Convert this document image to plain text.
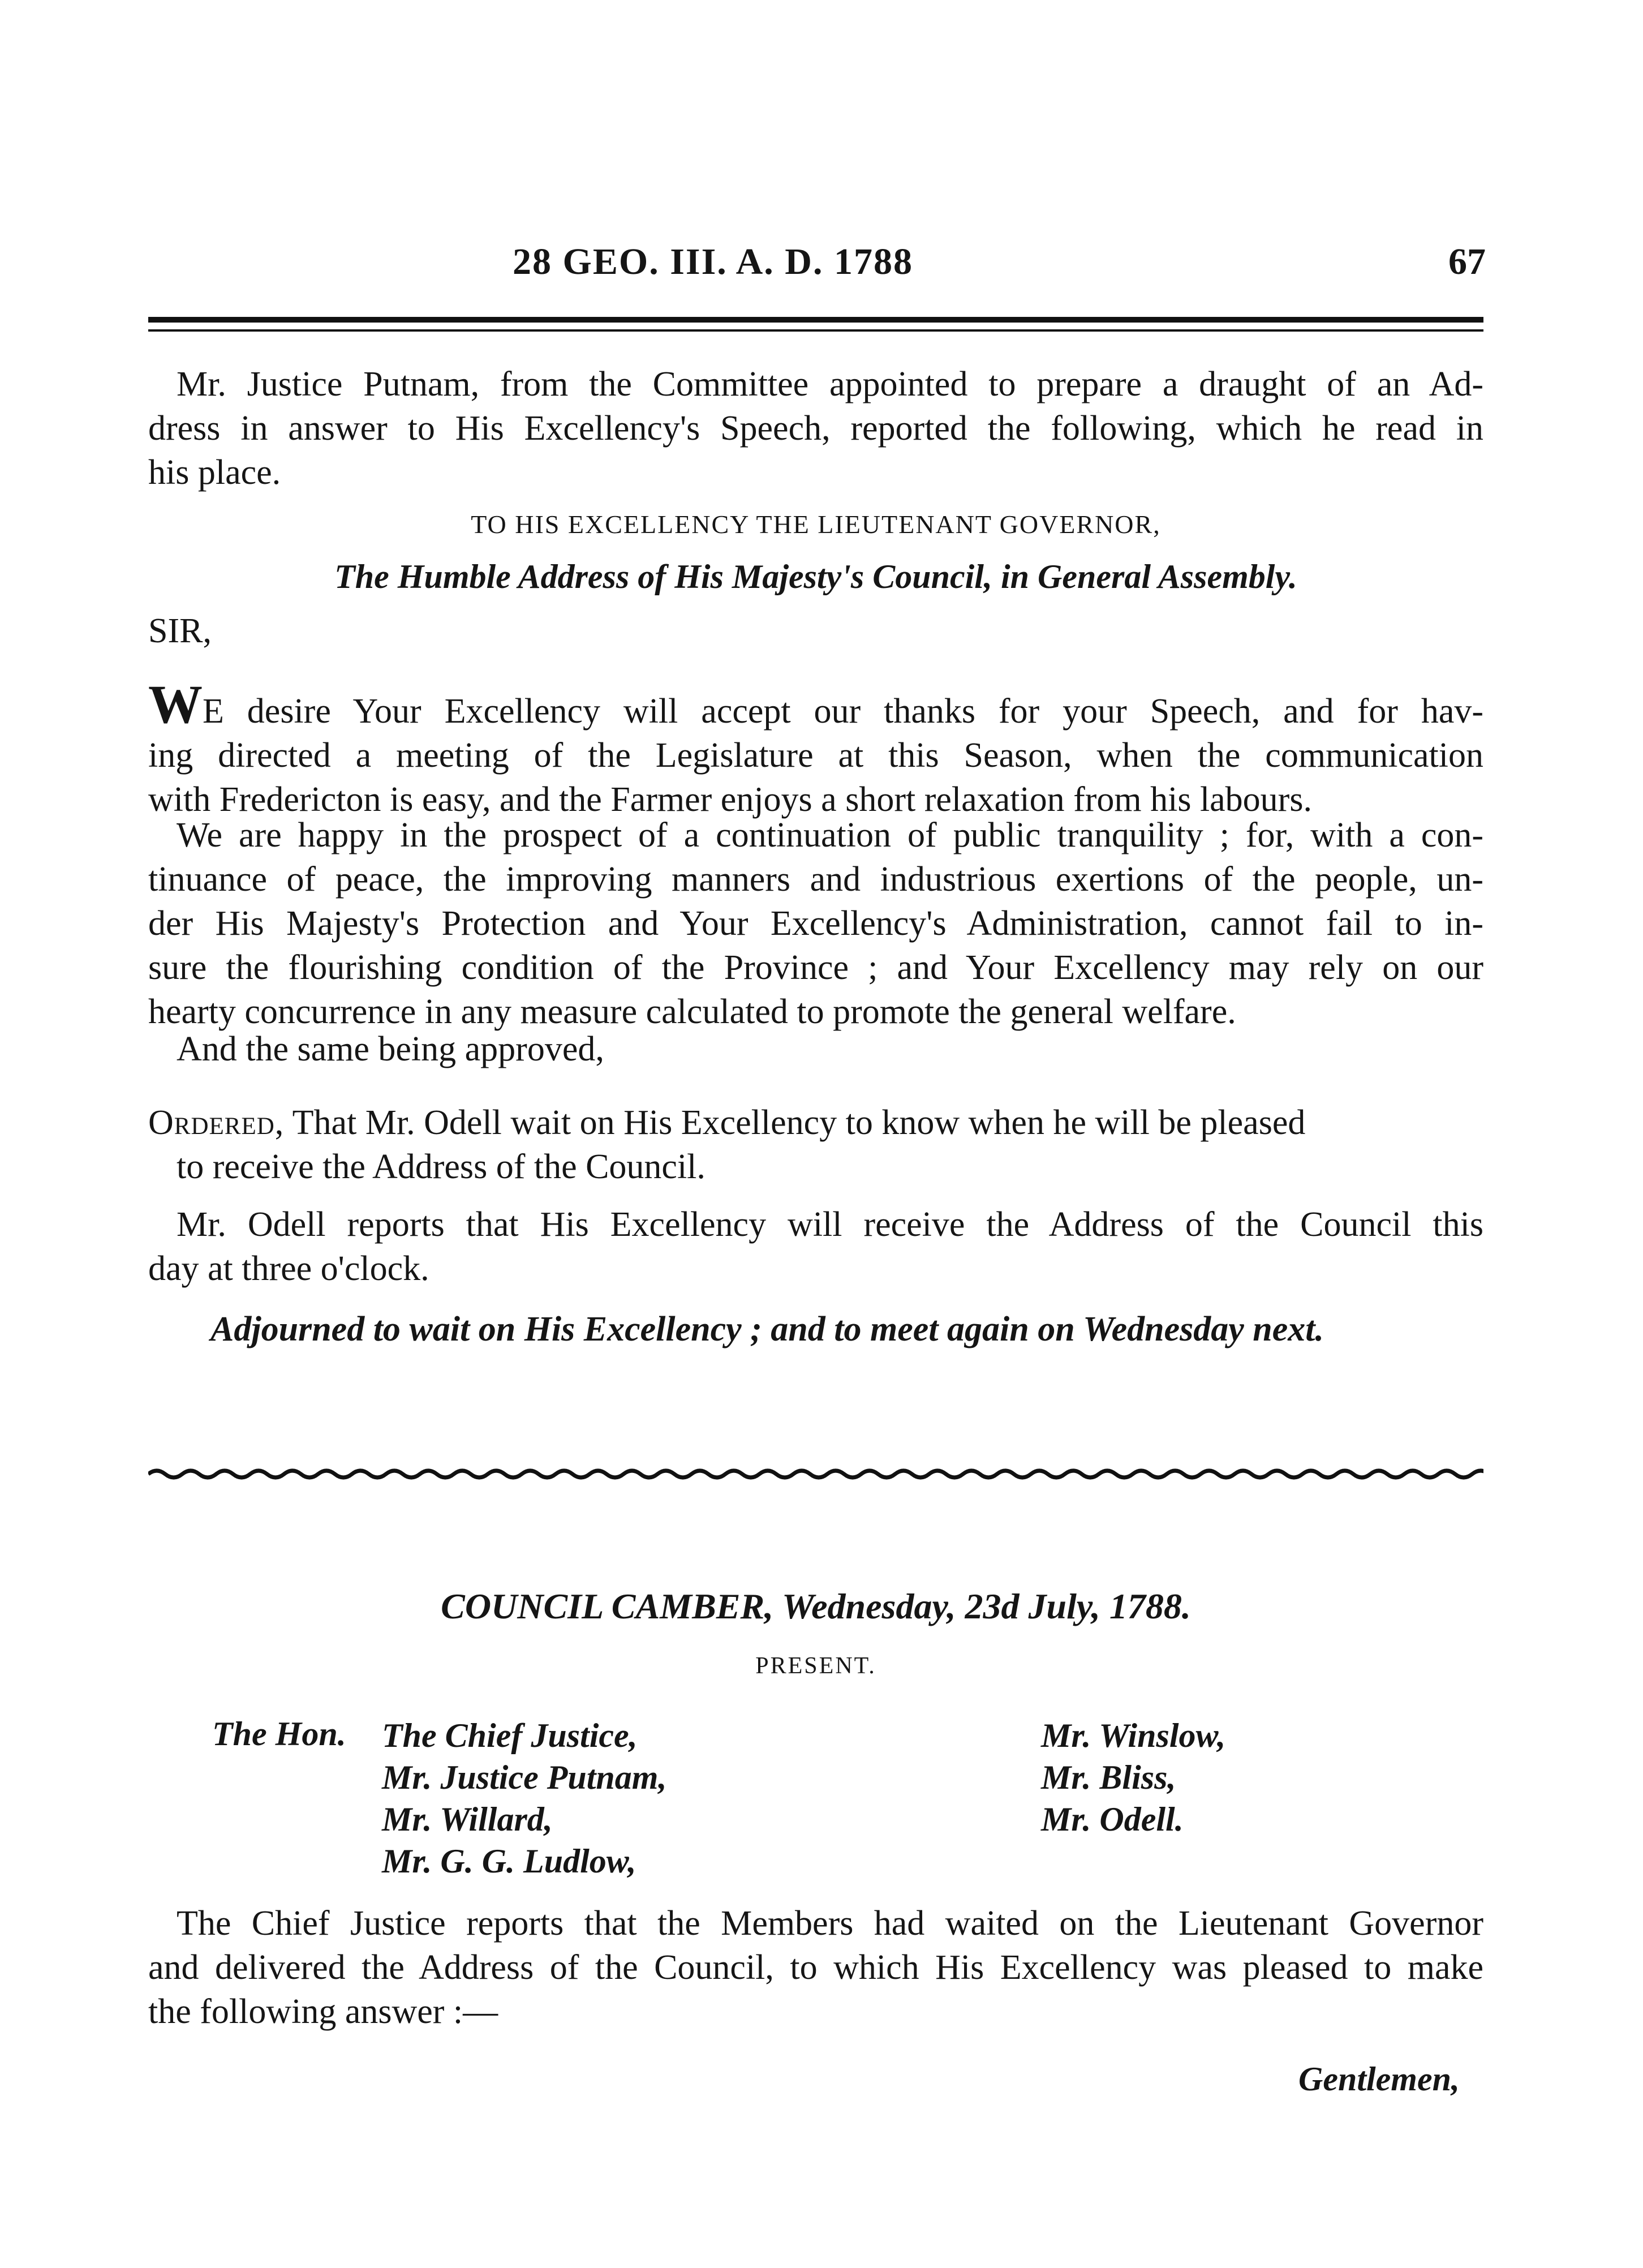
28 GEO. III. A. D. 1788	67
Mr. Justice Putnam, from the Committee appointed to prepare a draught of an Ad-
dress in answer to His Excellency's Speech, reported the following, which he read in
his place.
TO HIS EXCELLENCY THE LIEUTENANT GOVERNOR,
The Humble Address of His Majesty's Council, in General Assembly.
SIR,
WE desire Your Excellency will accept our thanks for your Speech, and for hav-
ing directed a meeting of the Legislature at this Season, when the communication
with Fredericton is easy, and the Farmer enjoys a short relaxation from his labours.
We are happy in the prospect of a continuation of public tranquility ; for, with a con-
tinuance of peace, the improving manners and industrious exertions of the people, un-
der His Majesty's Protection and Your Excellency's Administration, cannot fail to in-
sure the flourishing condition of the Province ; and Your Excellency may rely on our
hearty concurrence in any measure calculated to promote the general welfare.
And the same being approved,
Ordered, That Mr. Odell wait on His Excellency to know when he will be pleased
to receive the Address of the Council.
Mr. Odell reports that His Excellency will receive the Address of the Council this
day at three o'clock.
Adjourned to wait on His Excellency ; and to meet again on Wednesday next.
COUNCIL CAMBER, Wednesday, 23d July, 1788.
PRESENT.
The Hon. The Chief Justice,
Mr. Justice Putnam,
Mr. Willard,
Mr. G. G. Ludlow,
Mr. Winslow,
Mr. Bliss,
Mr. Odell.
The Chief Justice reports that the Members had waited on the Lieutenant Governor
and delivered the Address of the Council, to which His Excellency was pleased to make
the following answer :—
Gentlemen,
